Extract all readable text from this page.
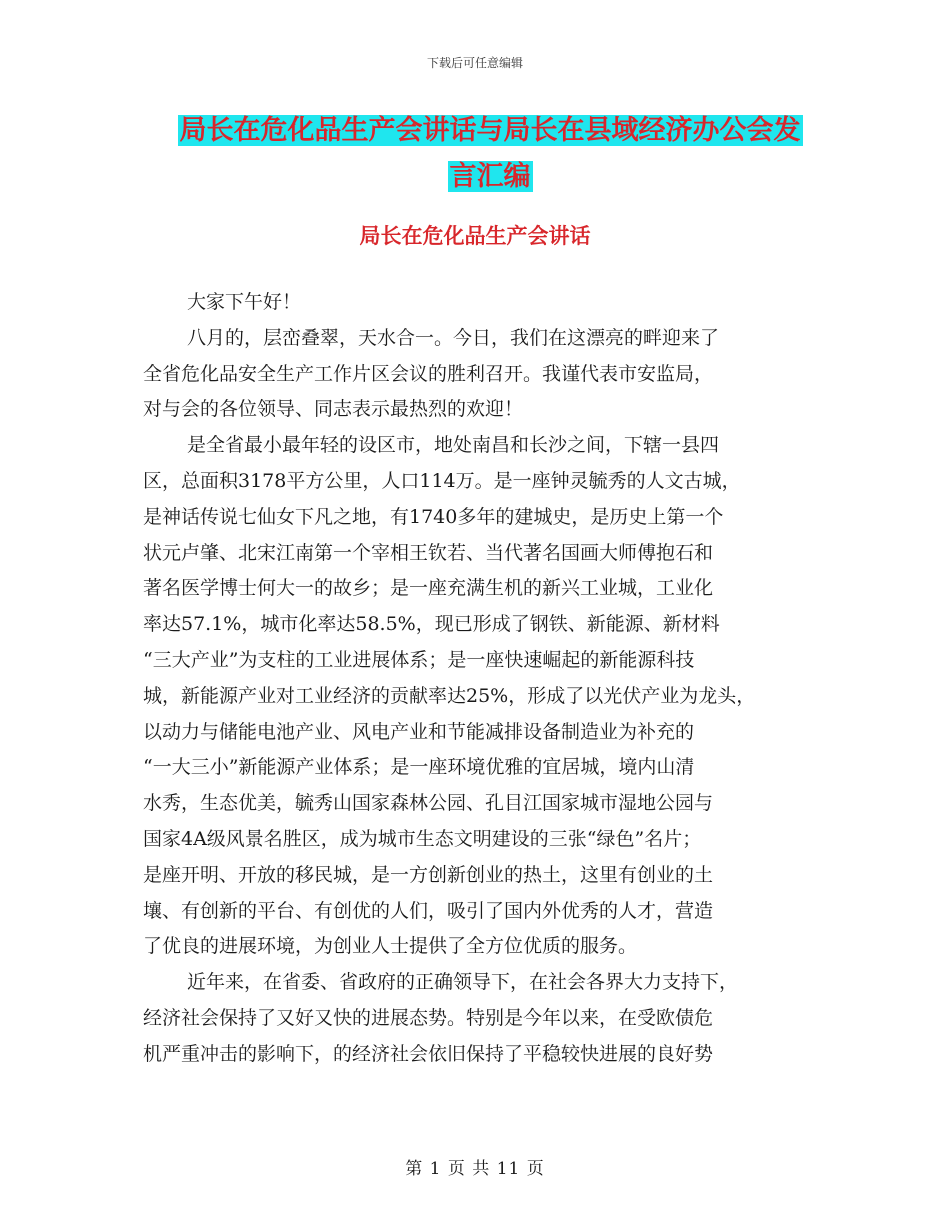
下载后可任意编辑
局长在危化品生产会讲话与局长在县域经济办公会发
言汇编
局长在危化品生产会讲话

大家下午好！

八月的，层峦叠翠，天水合一。今日，我们在这漂亮的畔迎来了

全省危化品安全生产工作片区会议的胜利召开。我谨代表市安监局，

对与会的各位领导、同志表示最热烈的欢迎！

是全省最小最年轻的设区市，地处南昌和长沙之间，下辖一县四

区，总面积3178平方公里，人口114万。是一座钟灵毓秀的人文古城，

是神话传说七仙女下凡之地，有1740多年的建城史，是历史上第一个

状元卢肇、北宋江南第一个宰相王钦若、当代著名国画大师傅抱石和

著名医学博士何大一的故乡；是一座充满生机的新兴工业城，工业化

率达57.1%，城市化率达58.5%，现已形成了钢铁、新能源、新材料

“三大产业”为支柱的工业进展体系；是一座快速崛起的新能源科技

城，新能源产业对工业经济的贡献率达25%，形成了以光伏产业为龙头，

以动力与储能电池产业、风电产业和节能减排设备制造业为补充的

“一大三小”新能源产业体系；是一座环境优雅的宜居城，境内山清

水秀，生态优美，毓秀山国家森林公园、孔目江国家城市湿地公园与

国家4A级风景名胜区，成为城市生态文明建设的三张“绿色”名片；

是座开明、开放的移民城，是一方创新创业的热土，这里有创业的土

壤、有创新的平台、有创优的人们，吸引了国内外优秀的人才，营造

了优良的进展环境，为创业人士提供了全方位优质的服务。

近年来，在省委、省政府的正确领导下，在社会各界大力支持下，

经济社会保持了又好又快的进展态势。特别是今年以来，在受欧债危

机严重冲击的影响下，的经济社会依旧保持了平稳较快进展的良好势

第 1 页 共 11 页
